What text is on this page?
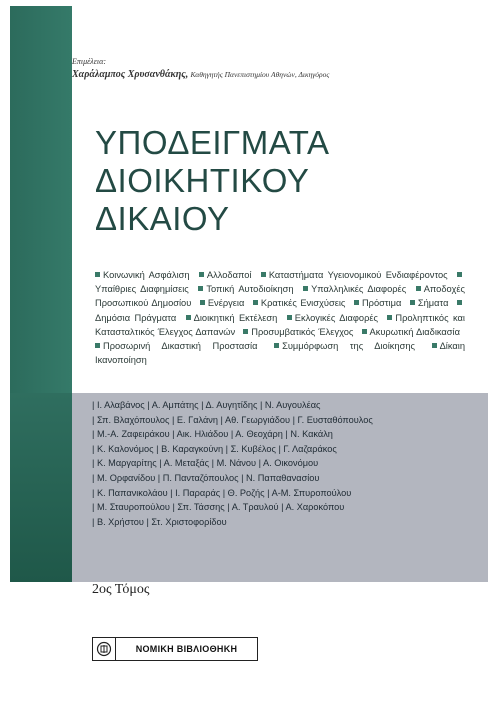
Επιμέλεια:
Χαράλαμπος Χρυσανθάκης, Καθηγητής Πανεπιστημίου Αθηνών, Δικηγόρος
ΥΠΟΔΕΙΓΜΑΤΑ
ΔΙΟΙΚΗΤΙΚΟΥ
ΔΙΚΑΙΟΥ
Κοινωνική Ασφάλιση Αλλοδαποί Καταστήματα Υγειονομικού Ενδιαφέροντος Υπαίθριες Διαφημίσεις Τοπική Αυτοδιοίκηση Υπαλληλικές Διαφορές Αποδοχές Προσωπικού Δημοσίου Ενέργεια Κρατικές Ενισχύσεις Πρόστιμα Σήματα Δημόσια Πράγματα Διοικητική Εκτέλεση Εκλογικές Διαφορές Προληπτικός και Κατασταλτικός Έλεγχος Δαπανών Προσυμβατικός Έλεγχος Ακυρωτική Διαδικασία Προσωρινή Δικαστική Προστασία	Συμμόρφωση της Διοίκησης	Δίκαιη Ικανοποίηση
| Ι. Αλαβάνος | Α. Αμπάτης | Δ. Αυγητίδης | Ν. Αυγουλέας
| Σπ. Βλαχόπουλος | Ε. Γαλάνη | Αθ. Γεωργιάδου | Γ. Ευσταθόπουλος
| Μ.-Α. Ζαφειράκου | Αικ. Ηλιάδου | Α. Θεοχάρη | Ν. Κακάλη
| Κ. Καλονόμος | Β. Καραγκούνη | Σ. Κυβέλος | Γ. Λαζαράκος
| Κ. Μαργαρίτης | Α. Μεταξάς | Μ. Νάνου | Α. Οικονόμου
| Μ. Ορφανίδου | Π. Πανταζόπουλος | Ν. Παπαθανασίου
| Κ. Παπανικολάου | Ι. Παραράς | Θ. Ροζής | Α-Μ. Σπυροπούλου
| Μ. Σταυροπούλου | Σπ. Τάσσης | Α. Τραυλού | Α. Χαροκόπου
| Β. Χρήστου | Στ. Χριστοφορίδου
2ος Τόμος
ΝΟΜΙΚΗ ΒΙΒΛΙΟΘΗΚΗ
